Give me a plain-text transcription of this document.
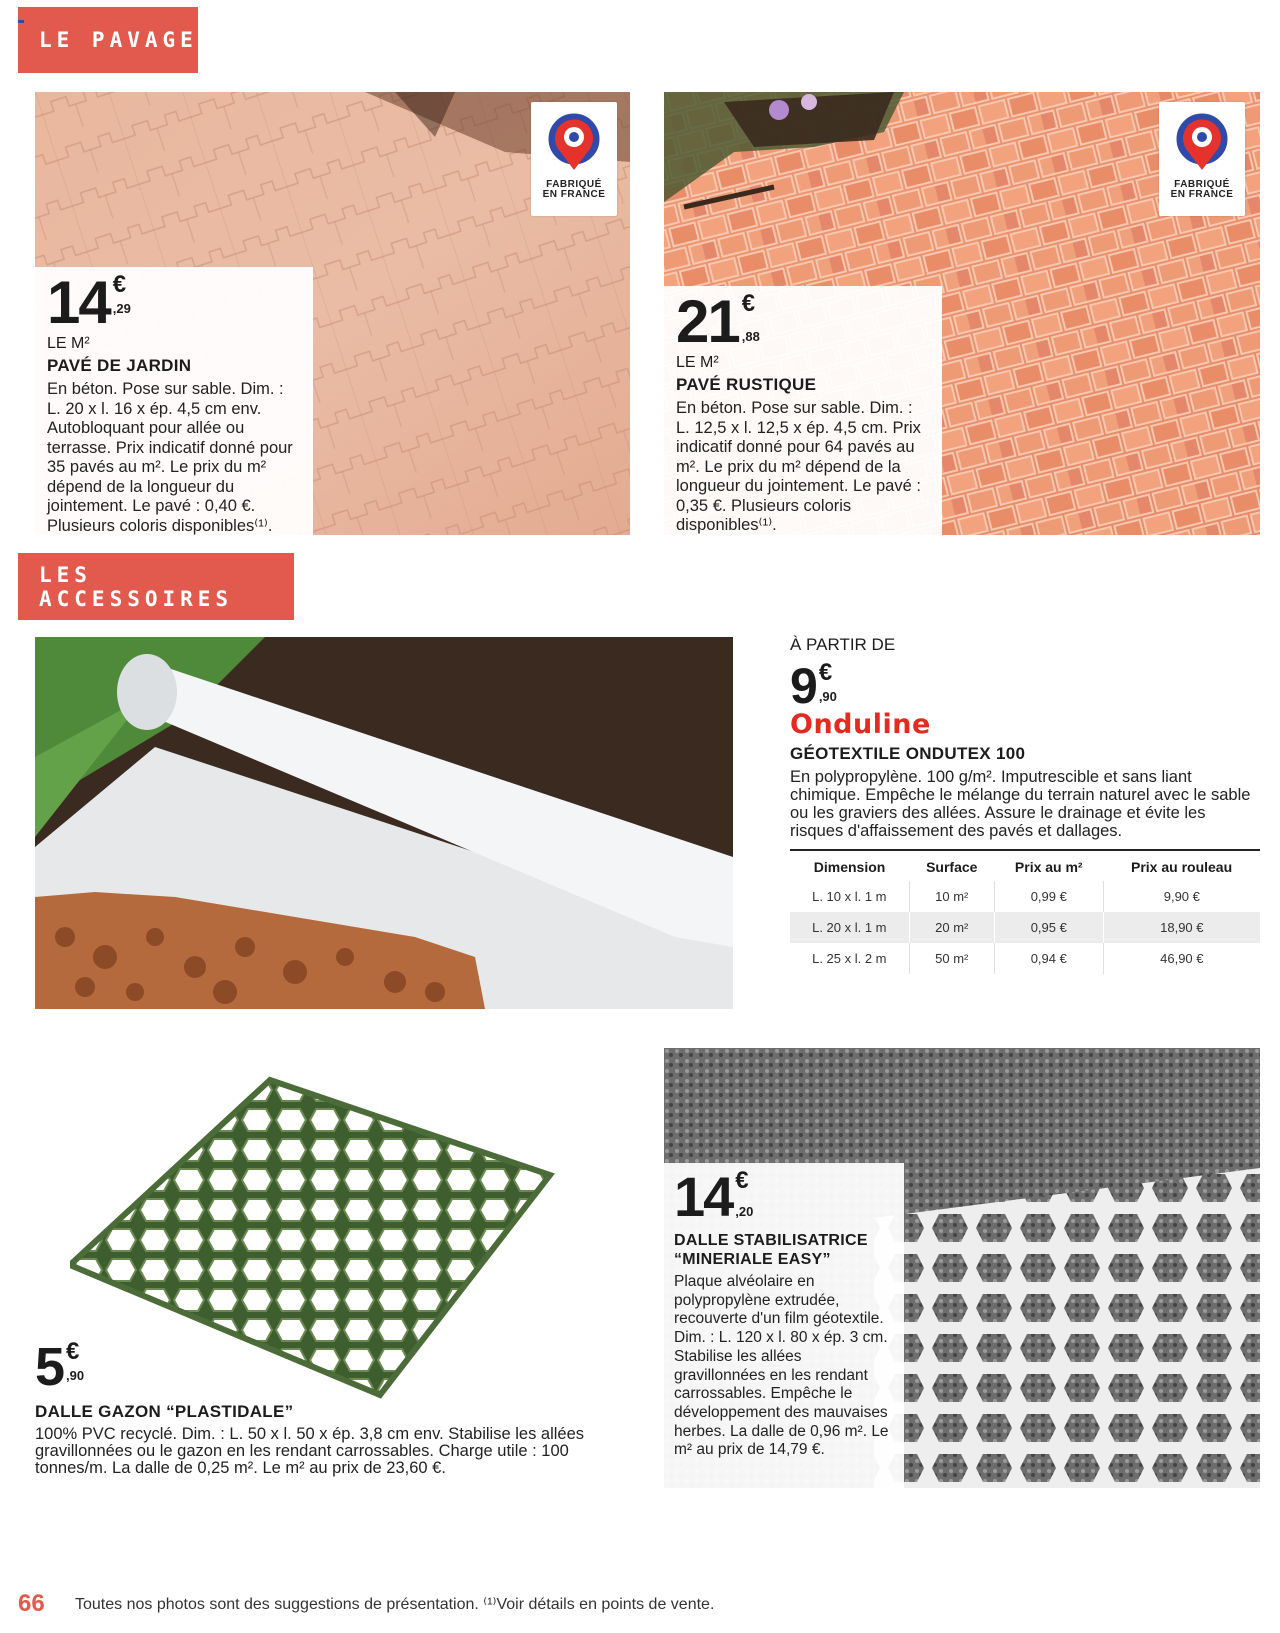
LE PAVAGE
FABRIQUÉ
EN FRANCE
14 €
,29
LE M²
PAVÉ DE JARDIN
En béton. Pose sur sable. Dim. : L. 20 x l. 16 x ép. 4,5 cm env. Autobloquant pour allée ou terrasse. Prix indicatif donné pour 35 pavés au m². Le prix du m² dépend de la longueur du jointement. Le pavé : 0,40 €. Plusieurs coloris disponibles⁽¹⁾.
FABRIQUÉ
EN FRANCE
21 €
,88
LE M²
PAVÉ RUSTIQUE
En béton. Pose sur sable. Dim. : L. 12,5 x l. 12,5 x ép. 4,5 cm. Prix indicatif donné pour 64 pavés au m². Le prix du m² dépend de la longueur du jointement. Le pavé : 0,35 €. Plusieurs coloris disponibles⁽¹⁾.
LES ACCESSOIRES
À PARTIR DE
9 €
,90
Onduline
GÉOTEXTILE ONDUTEX 100
En polypropylène. 100 g/m². Imputrescible et sans liant chimique. Empêche le mélange du terrain naturel avec le sable ou les graviers des allées. Assure le drainage et évite les risques d'affaissement des pavés et dallages.
Dimension	Surface	Prix au m²	Prix au rouleau
L. 10 x l. 1 m	10 m²	0,99 €	9,90 €
L. 20 x l. 1 m	20 m²	0,95 €	18,90 €
L. 25 x l. 2 m	50 m²	0,94 €	46,90 €
5 €
,90
DALLE GAZON “PLASTIDALE”
100% PVC recyclé. Dim. : L. 50 x l. 50 x ép. 3,8 cm env. Stabilise les allées gravillonnées ou le gazon en les rendant carrossables. Charge utile : 100 tonnes/m. La dalle de 0,25 m². Le m² au prix de 23,60 €.
14 €
,20
DALLE STABILISATRICE “MINERIALE EASY”
Plaque alvéolaire en polypropylène extrudée, recouverte d'un film géotextile. Dim. : L. 120 x l. 80 x ép. 3 cm. Stabilise les allées gravillonnées en les rendant carrossables. Empêche le développement des mauvaises herbes. La dalle de 0,96 m². Le m² au prix de 14,79 €.
66 Toutes nos photos sont des suggestions de présentation. ⁽¹⁾Voir détails en points de vente.
